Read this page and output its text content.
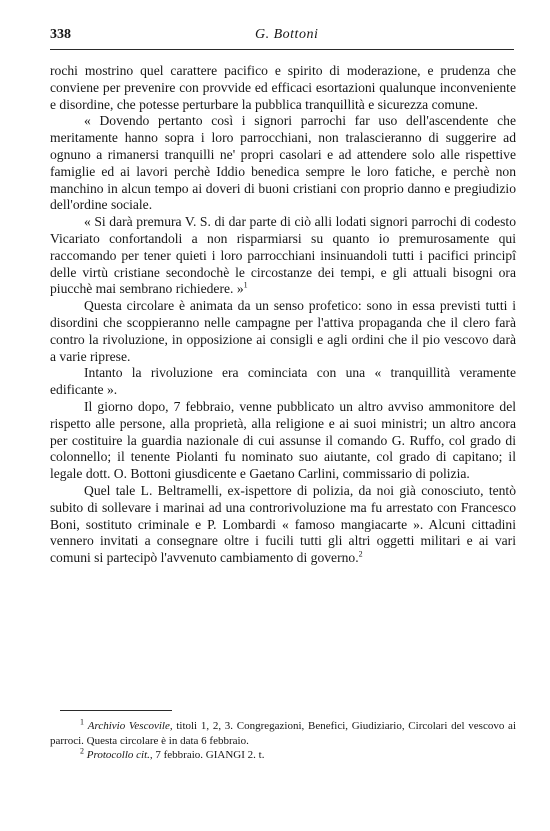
338	G. Bottoni

rochi mostrino quel carattere pacifico e spirito di moderazione, e prudenza che conviene per prevenire con provvide ed efficaci esortazioni qualunque inconveniente e disordine, che potesse perturbare la pubblica tranquillità e sicurezza comune.

« Dovendo pertanto così i signori parrochi far uso dell'ascendente che meritamente hanno sopra i loro parrocchiani, non tralascieranno di suggerire ad ognuno a rimanersi tranquilli ne' propri casolari e ad attendere solo alle rispettive famiglie ed ai lavori perchè Iddio benedica sempre le loro fatiche, e perchè non manchino in alcun tempo ai doveri di buoni cristiani con proprio danno e pregiudizio dell'ordine sociale.

« Si darà premura V. S. di dar parte di ciò alli lodati signori parrochi di codesto Vicariato confortandoli a non risparmiarsi su quanto io premurosamente qui raccomando per tener quieti i loro parrocchiani insinuandoli tutti i pacifici principî delle virtù cristiane secondochè le circostanze dei tempi, e gli attuali bisogni ora piucchè mai sembrano richiedere. »$^1$

Questa circolare è animata da un senso profetico: sono in essa previsti tutti i disordini che scoppieranno nelle campagne per l'attiva propaganda che il clero farà contro la rivoluzione, in opposizione ai consigli e agli ordini che il pio vescovo darà a varie riprese.

Intanto la rivoluzione era cominciata con una « tranquillità veramente edificante ».

Il giorno dopo, 7 febbraio, venne pubblicato un altro avviso ammonitore del rispetto alle persone, alla proprietà, alla religione e ai suoi ministri; un altro ancora per costituire la guardia nazionale di cui assunse il comando G. Ruffo, col grado di colonnello; il tenente Piolanti fu nominato suo aiutante, col grado di capitano; il legale dott. O. Bottoni giusdicente e Gaetano Carlini, commissario di polizia.

Quel tale L. Beltramelli, ex-ispettore di polizia, da noi già conosciuto, tentò subito di sollevare i marinai ad una controrivoluzione ma fu arrestato con Francesco Boni, sostituto criminale e P. Lombardi « famoso mangiacarte ». Alcuni cittadini vennero invitati a consegnare oltre i fucili tutti gli altri oggetti militari e ai vari comuni si partecipò l'avvenuto cambiamento di governo.$^2$

$^1$ Archivio Vescovile, titoli 1, 2, 3. Congregazioni, Benefici, Giudiziario, Circolari del vescovo ai parroci. Questa circolare è in data 6 febbraio.

$^2$ Protocollo cit., 7 febbraio. GIANGI 2. t.
